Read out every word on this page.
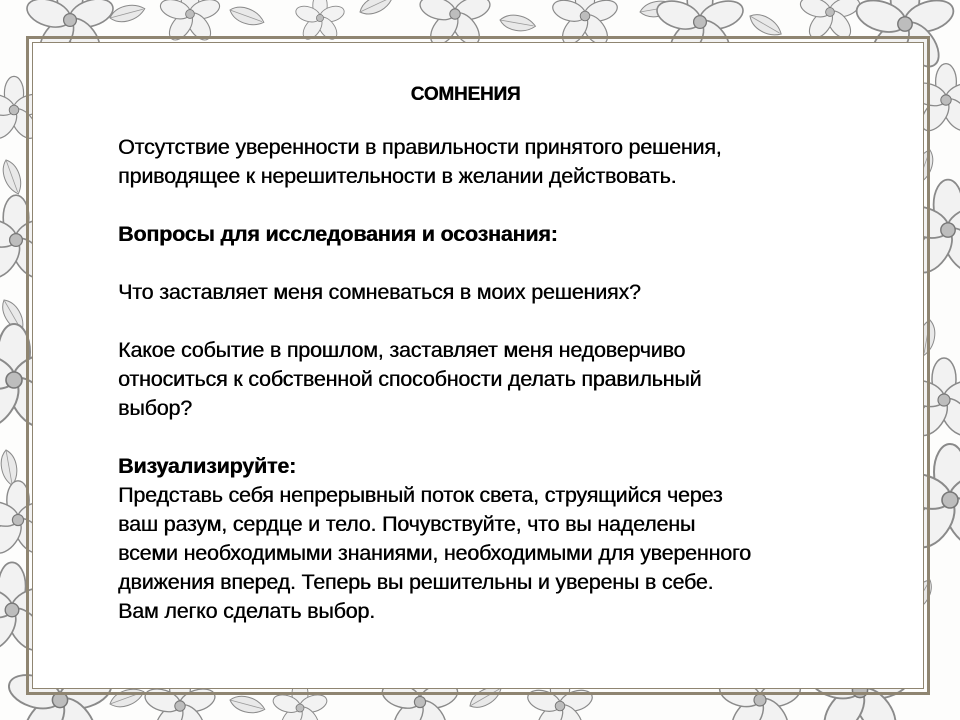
СОМНЕНИЯ

Отсутствие уверенности в правильности принятого решения,
приводящее к нерешительности в желании действовать.

Вопросы для исследования и осознания:

Что заставляет меня сомневаться в моих решениях?

Какое событие в прошлом, заставляет меня недоверчиво
относиться к собственной способности делать правильный
выбор?

Визуализируйте:

Представь себя непрерывный поток света, струящийся через
ваш разум, сердце и тело. Почувствуйте, что вы наделены
всеми необходимыми знаниями, необходимыми для уверенного
движения вперед. Теперь вы решительны и уверены в себе.
Вам легко сделать выбор.
